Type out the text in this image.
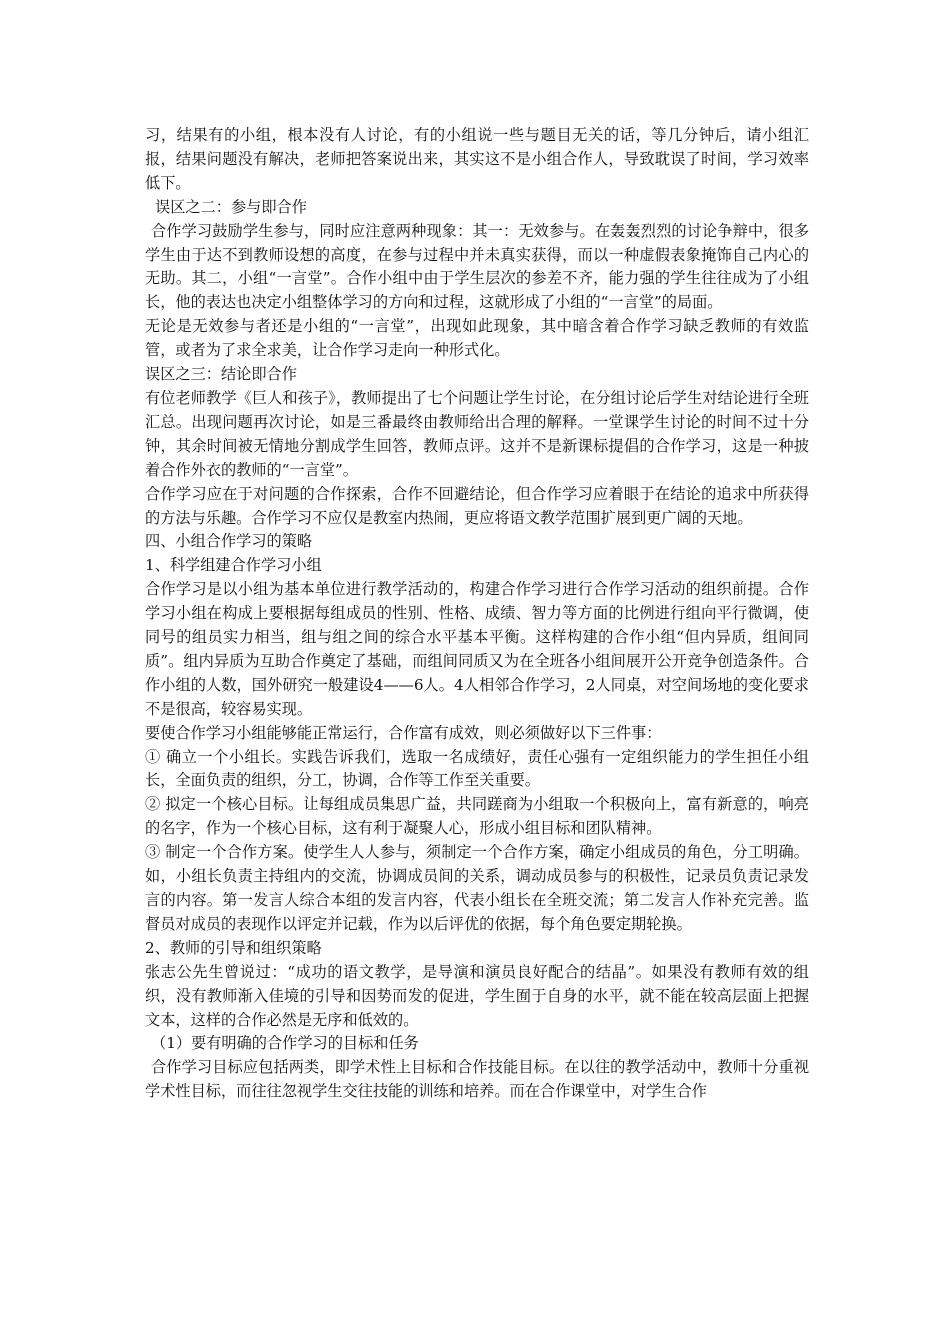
习，结果有的小组，根本没有人讨论，有的小组说一些与题目无关的话，等几分钟后，请小组汇报，结果问题没有解决，老师把答案说出来，其实这不是小组合作人，导致耽误了时间，学习效率低下。

误区之二：参与即合作

合作学习鼓励学生参与，同时应注意两种现象：其一：无效参与。在轰轰烈烈的讨论争辩中，很多学生由于达不到教师设想的高度，在参与过程中并未真实获得，而以一种虚假表象掩饰自己内心的无助。其二，小组“一言堂”。合作小组中由于学生层次的参差不齐，能力强的学生往往成为了小组长，他的表达也决定小组整体学习的方向和过程，这就形成了小组的“一言堂”的局面。

无论是无效参与者还是小组的“一言堂”，出现如此现象，其中暗含着合作学习缺乏教师的有效监管，或者为了求全求美，让合作学习走向一种形式化。

误区之三：结论即合作

有位老师教学《巨人和孩子》，教师提出了七个问题让学生讨论，在分组讨论后学生对结论进行全班汇总。出现问题再次讨论，如是三番最终由教师给出合理的解释。一堂课学生讨论的时间不过十分钟，其余时间被无情地分割成学生回答，教师点评。这并不是新课标提倡的合作学习，这是一种披着合作外衣的教师的“一言堂”。

合作学习应在于对问题的合作探索，合作不回避结论，但合作学习应着眼于在结论的追求中所获得的方法与乐趣。合作学习不应仅是教室内热闹，更应将语文教学范围扩展到更广阔的天地。

四、小组合作学习的策略

1、科学组建合作学习小组

合作学习是以小组为基本单位进行教学活动的，构建合作学习进行合作学习活动的组织前提。合作学习小组在构成上要根据每组成员的性别、性格、成绩、智力等方面的比例进行组向平行微调，使同号的组员实力相当，组与组之间的综合水平基本平衡。这样构建的合作小组“但内异质，组间同质”。组内异质为互助合作奠定了基础，而组间同质又为在全班各小组间展开公开竞争创造条件。合作小组的人数，国外研究一般建设4——6人。4人相邻合作学习，2人同桌，对空间场地的变化要求不是很高，较容易实现。

要使合作学习小组能够能正常运行，合作富有成效，则必须做好以下三件事：

① 确立一个小组长。实践告诉我们，选取一名成绩好，责任心强有一定组织能力的学生担任小组长，全面负责的组织，分工，协调，合作等工作至关重要。

② 拟定一个核心目标。让每组成员集思广益，共同蹉商为小组取一个积极向上，富有新意的，响亮的名字，作为一个核心目标，这有利于凝聚人心，形成小组目标和团队精神。

③ 制定一个合作方案。使学生人人参与，须制定一个合作方案，确定小组成员的角色，分工明确。如，小组长负责主持组内的交流，协调成员间的关系，调动成员参与的积极性，记录员负责记录发言的内容。第一发言人综合本组的发言内容，代表小组长在全班交流；第二发言人作补充完善。监督员对成员的表现作以评定并记载，作为以后评优的依据，每个角色要定期轮换。

2、教师的引导和组织策略

张志公先生曾说过：“成功的语文教学，是导演和演员良好配合的结晶”。如果没有教师有效的组织，没有教师渐入佳境的引导和因势而发的促进，学生囿于自身的水平，就不能在较高层面上把握文本，这样的合作必然是无序和低效的。

（1）要有明确的合作学习的目标和任务

合作学习目标应包括两类，即学术性上目标和合作技能目标。在以往的教学活动中，教师十分重视学术性目标，而往往忽视学生交往技能的训练和培养。而在合作课堂中，对学生合作
